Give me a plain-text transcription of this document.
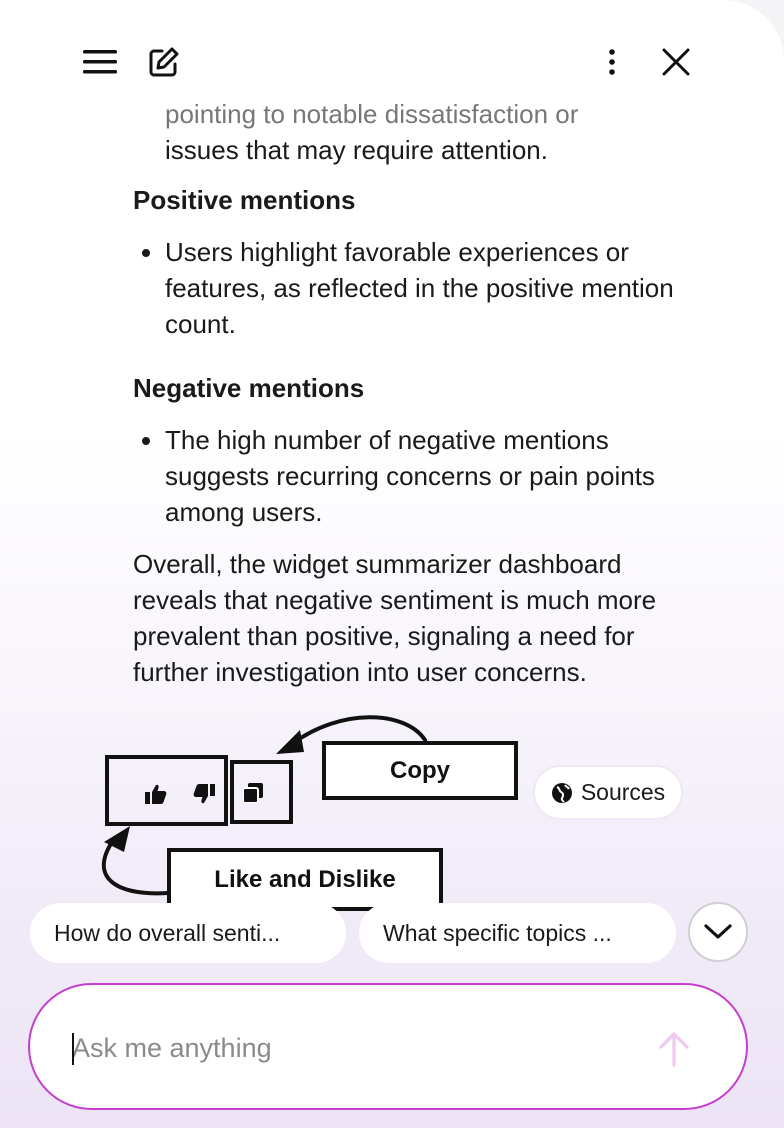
pointing to notable dissatisfaction or
issues that may require attention.
Positive mentions
• Users highlight favorable experiences or features, as reflected in the positive mention count.
Negative mentions
• The high number of negative mentions suggests recurring concerns or pain points among users.

Overall, the widget summarizer dashboard reveals that negative sentiment is much more prevalent than positive, signaling a need for further investigation into user concerns.

Copy
Like and Dislike
Sources
How do overall senti...	What specific topics ...
Ask me anything
